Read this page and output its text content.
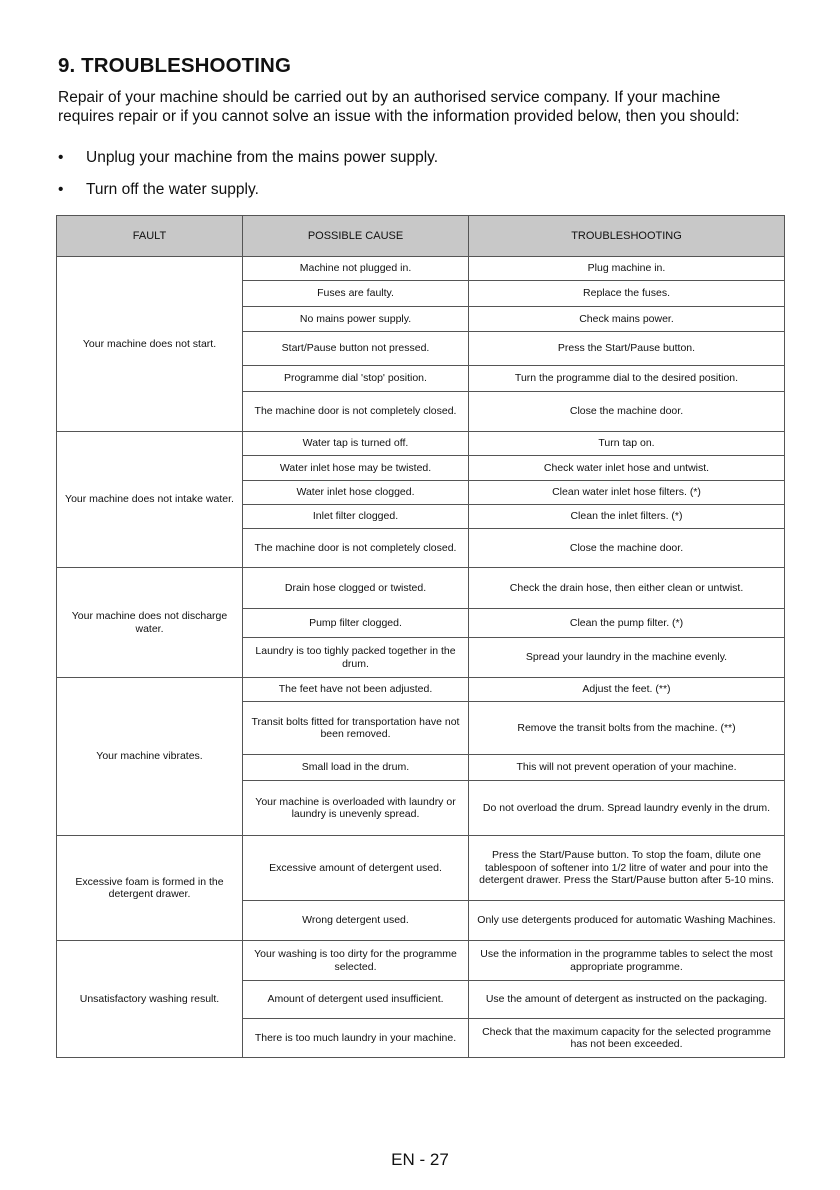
9. TROUBLESHOOTING
Repair of your machine should be carried out by an authorised service company. If your machine requires repair or if you cannot solve an issue with the information provided below, then you should:
• Unplug your machine from the mains power supply.
• Turn off the water supply.
FAULT	POSSIBLE CAUSE	TROUBLESHOOTING
Your machine does not start.	Machine not plugged in.	Plug machine in.
	Fuses are faulty.	Replace the fuses.
	No mains power supply.	Check mains power.
	Start/Pause button not pressed.	Press the Start/Pause button.
	Programme dial 'stop' position.	Turn the programme dial to the desired position.
	The machine door is not completely closed.	Close the machine door.
Your machine does not intake water.	Water tap is turned off.	Turn tap on.
	Water inlet hose may be twisted.	Check water inlet hose and untwist.
	Water inlet hose clogged.	Clean water inlet hose filters. (*)
	Inlet filter clogged.	Clean the inlet filters. (*)
	The machine door is not completely closed.	Close the machine door.
Your machine does not discharge water.	Drain hose clogged or twisted.	Check the drain hose, then either clean or untwist.
	Pump filter clogged.	Clean the pump filter. (*)
	Laundry is too tighly packed together in the drum.	Spread your laundry in the machine evenly.
Your machine vibrates.	The feet have not been adjusted.	Adjust the feet. (**)
	Transit bolts fitted for transportation have not been removed.	Remove the transit bolts from the machine. (**)
	Small load in the drum.	This will not prevent operation of your machine.
	Your machine is overloaded with laundry or laundry is unevenly spread.	Do not overload the drum. Spread laundry evenly in the drum.
Excessive foam is formed in the detergent drawer.	Excessive amount of detergent used.	Press the Start/Pause button. To stop the foam, dilute one tablespoon of softener into 1/2 litre of water and pour into the detergent drawer. Press the Start/Pause button after 5-10 mins.
	Wrong detergent used.	Only use detergents produced for automatic Washing Machines.
Unsatisfactory washing result.	Your washing is too dirty for the programme selected.	Use the information in the programme tables to select the most appropriate programme.
	Amount of detergent used insufficient.	Use the amount of detergent as instructed on the packaging.
	There is too much laundry in your machine.	Check that the maximum capacity for the selected programme has not been exceeded.
EN - 27
